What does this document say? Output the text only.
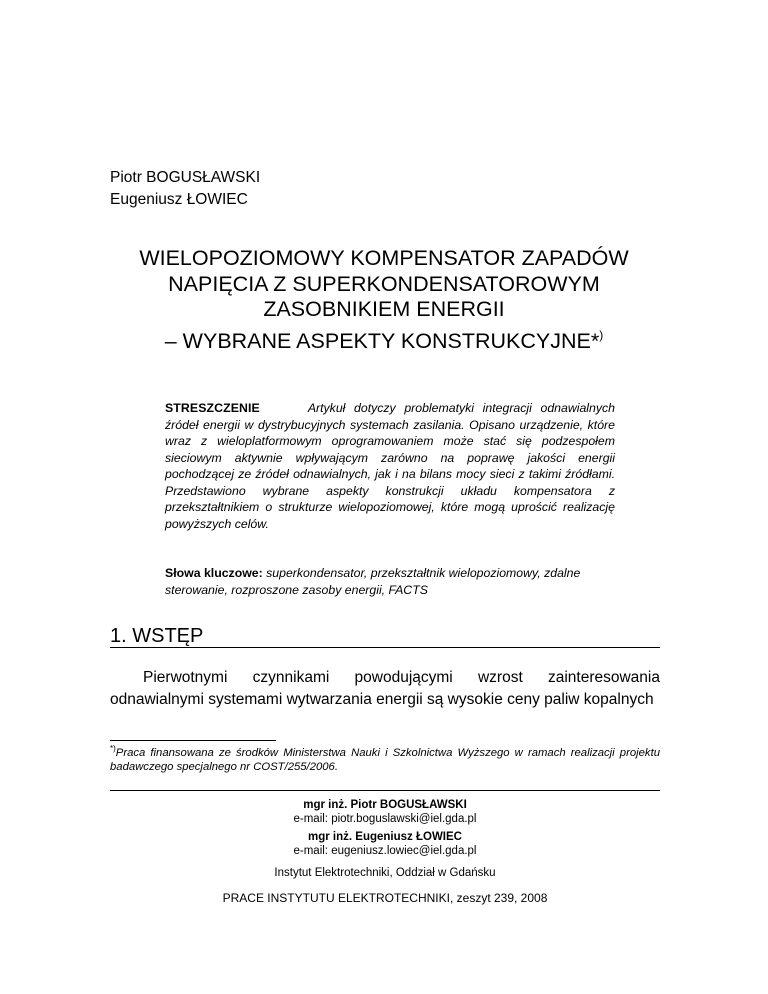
Piotr BOGUSŁAWSKI
Eugeniusz ŁOWIEC
WIELOPOZIOMOWY KOMPENSATOR ZAPADÓW
NAPIĘCIA Z SUPERKONDENSATOROWYM
ZASOBNIKIEM ENERGII
– WYBRANE ASPEKTY KONSTRUKCYJNE*)
STRESZCZENIE	Artykuł dotyczy problematyki integracji odnawialnych źródeł energii w dystrybucyjnych systemach zasilania. Opisano urządzenie, które wraz z wieloplatformowym oprogramowaniem może stać się podzespołem sieciowym aktywnie wpływającym zarówno na poprawę jakości energii pochodzącej ze źródeł odnawialnych, jak i na bilans mocy sieci z takimi źródłami. Przedstawiono wybrane aspekty konstrukcji układu kompensatora z przekształtnikiem o strukturze wielopoziomowej, które mogą uprościć realizację powyższych celów.
Słowa kluczowe: superkondensator, przekształtnik wielopoziomowy, zdalne sterowanie, rozproszone zasoby energii, FACTS
1. WSTĘP
Pierwotnymi czynnikami powodującymi wzrost zainteresowania odnawialnymi systemami wytwarzania energii są wysokie ceny paliw kopalnych
*)Praca finansowana ze środków Ministerstwa Nauki i Szkolnictwa Wyższego w ramach realizacji projektu badawczego specjalnego nr COST/255/2006.
mgr inż. Piotr BOGUSŁAWSKI
e-mail: piotr.boguslawski@iel.gda.pl
mgr inż. Eugeniusz ŁOWIEC
e-mail: eugeniusz.lowiec@iel.gda.pl
Instytut Elektrotechniki, Oddział w Gdańsku
PRACE INSTYTUTU ELEKTROTECHNIKI, zeszyt 239, 2008
